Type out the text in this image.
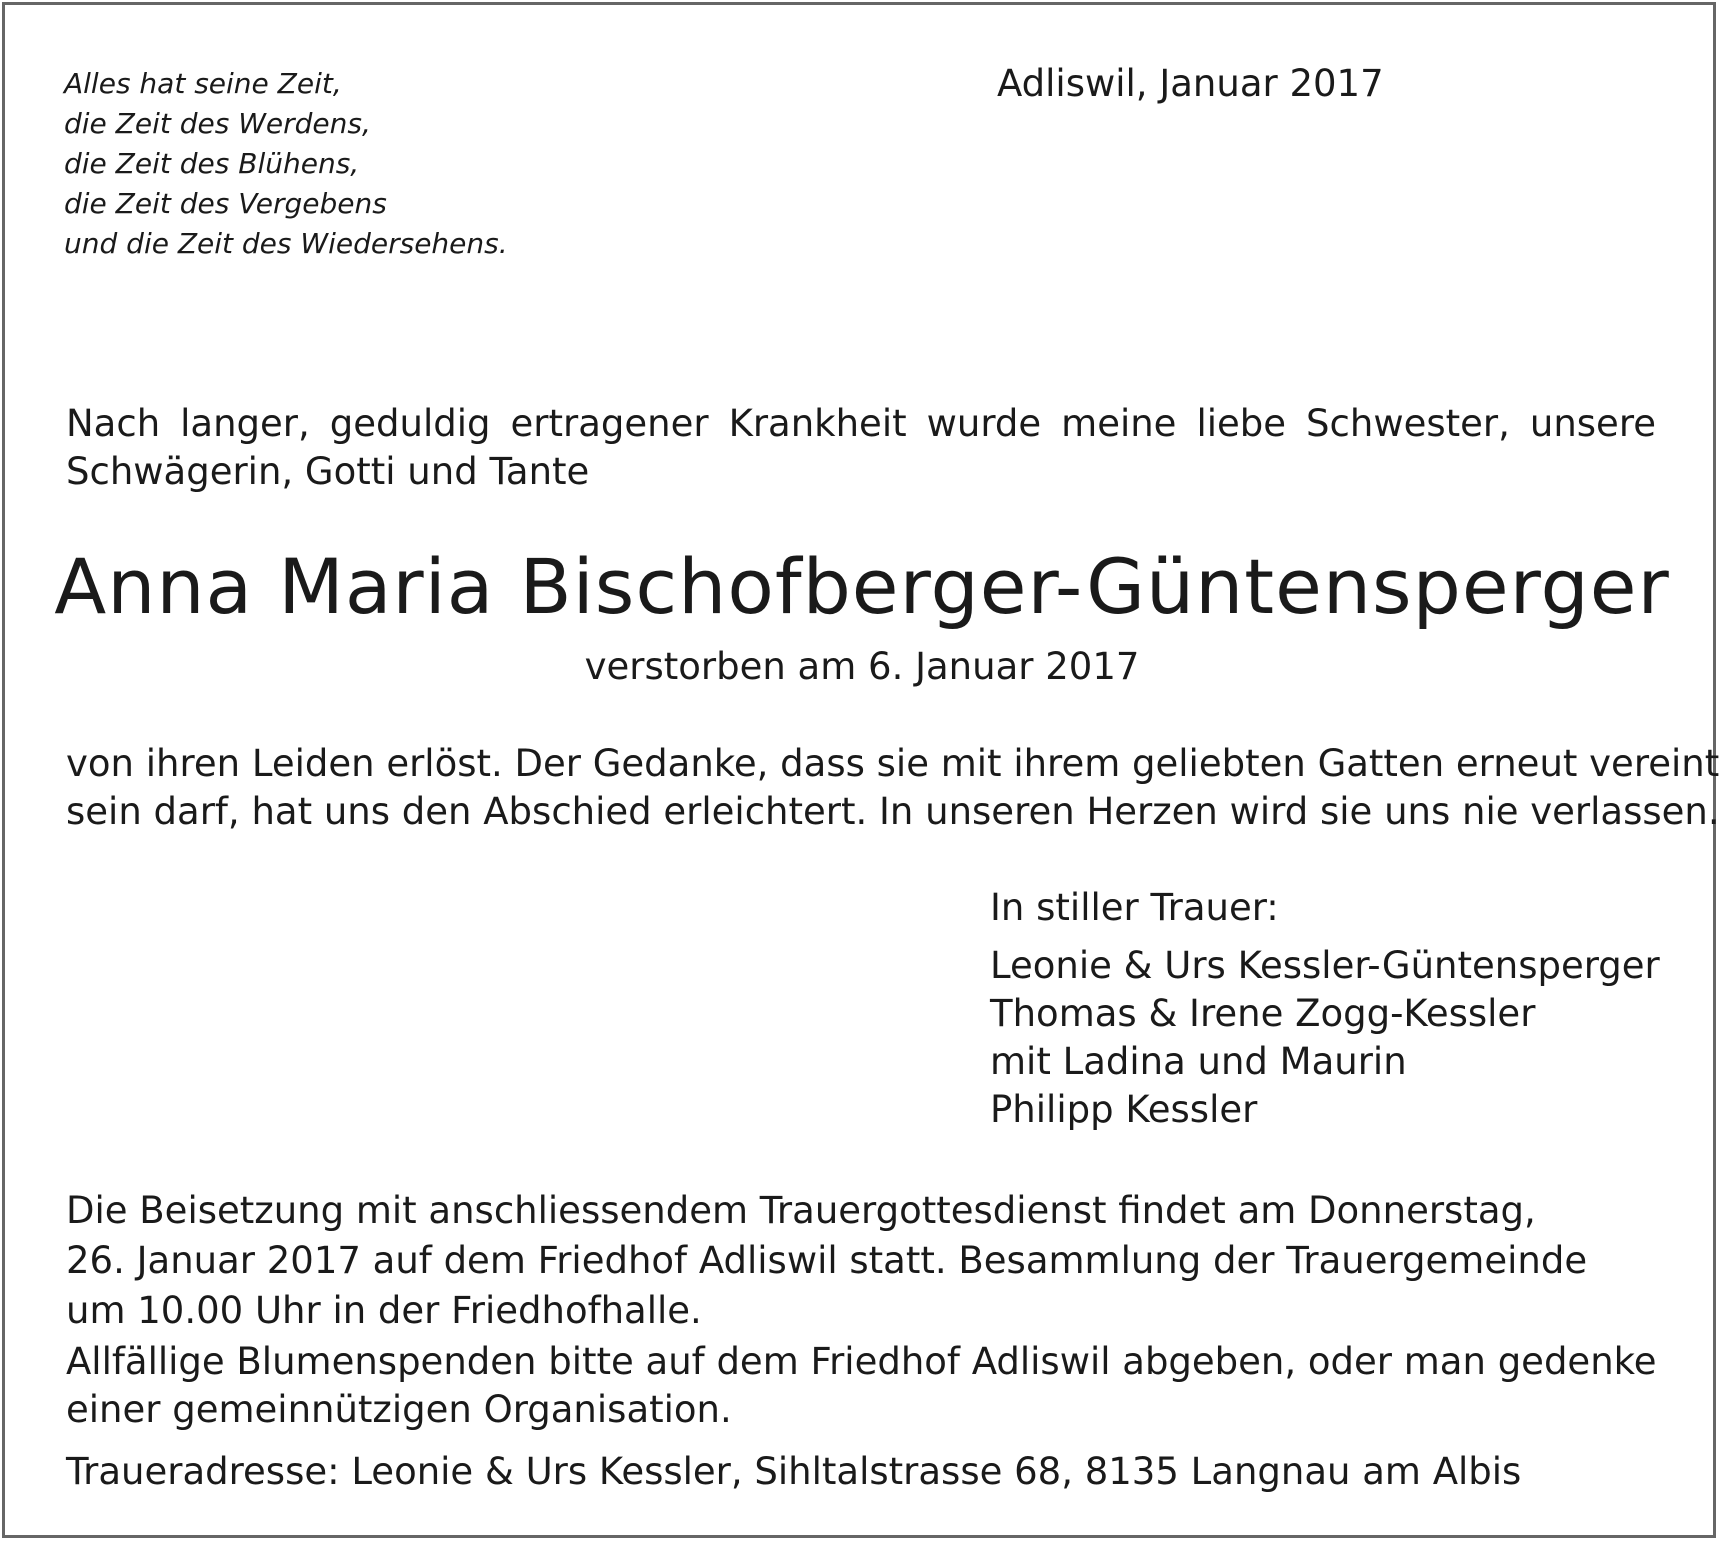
Alles hat seine Zeit,
die Zeit des Werdens,
die Zeit des Blühens,
die Zeit des Vergebens
und die Zeit des Wiedersehens.
Adliswil, Januar 2017
Nach langer, geduldig ertragener Krankheit wurde meine liebe Schwester, unsere
Schwägerin, Gotti und Tante
Anna Maria Bischofberger-Güntensperger
verstorben am 6. Januar 2017
von ihren Leiden erlöst. Der Gedanke, dass sie mit ihrem geliebten Gatten erneut vereint
sein darf, hat uns den Abschied erleichtert. In unseren Herzen wird sie uns nie verlassen.
In stiller Trauer:
Leonie & Urs Kessler-Güntensperger
Thomas & Irene Zogg-Kessler
mit Ladina und Maurin
Philipp Kessler
Die Beisetzung mit anschliessendem Trauergottesdienst findet am Donnerstag,
26. Januar 2017 auf dem Friedhof Adliswil statt. Besammlung der Trauergemeinde
um 10.00 Uhr in der Friedhofhalle.
Allfällige Blumenspenden bitte auf dem Friedhof Adliswil abgeben, oder man gedenke
einer gemeinnützigen Organisation.
Traueradresse: Leonie & Urs Kessler, Sihltalstrasse 68, 8135 Langnau am Albis
